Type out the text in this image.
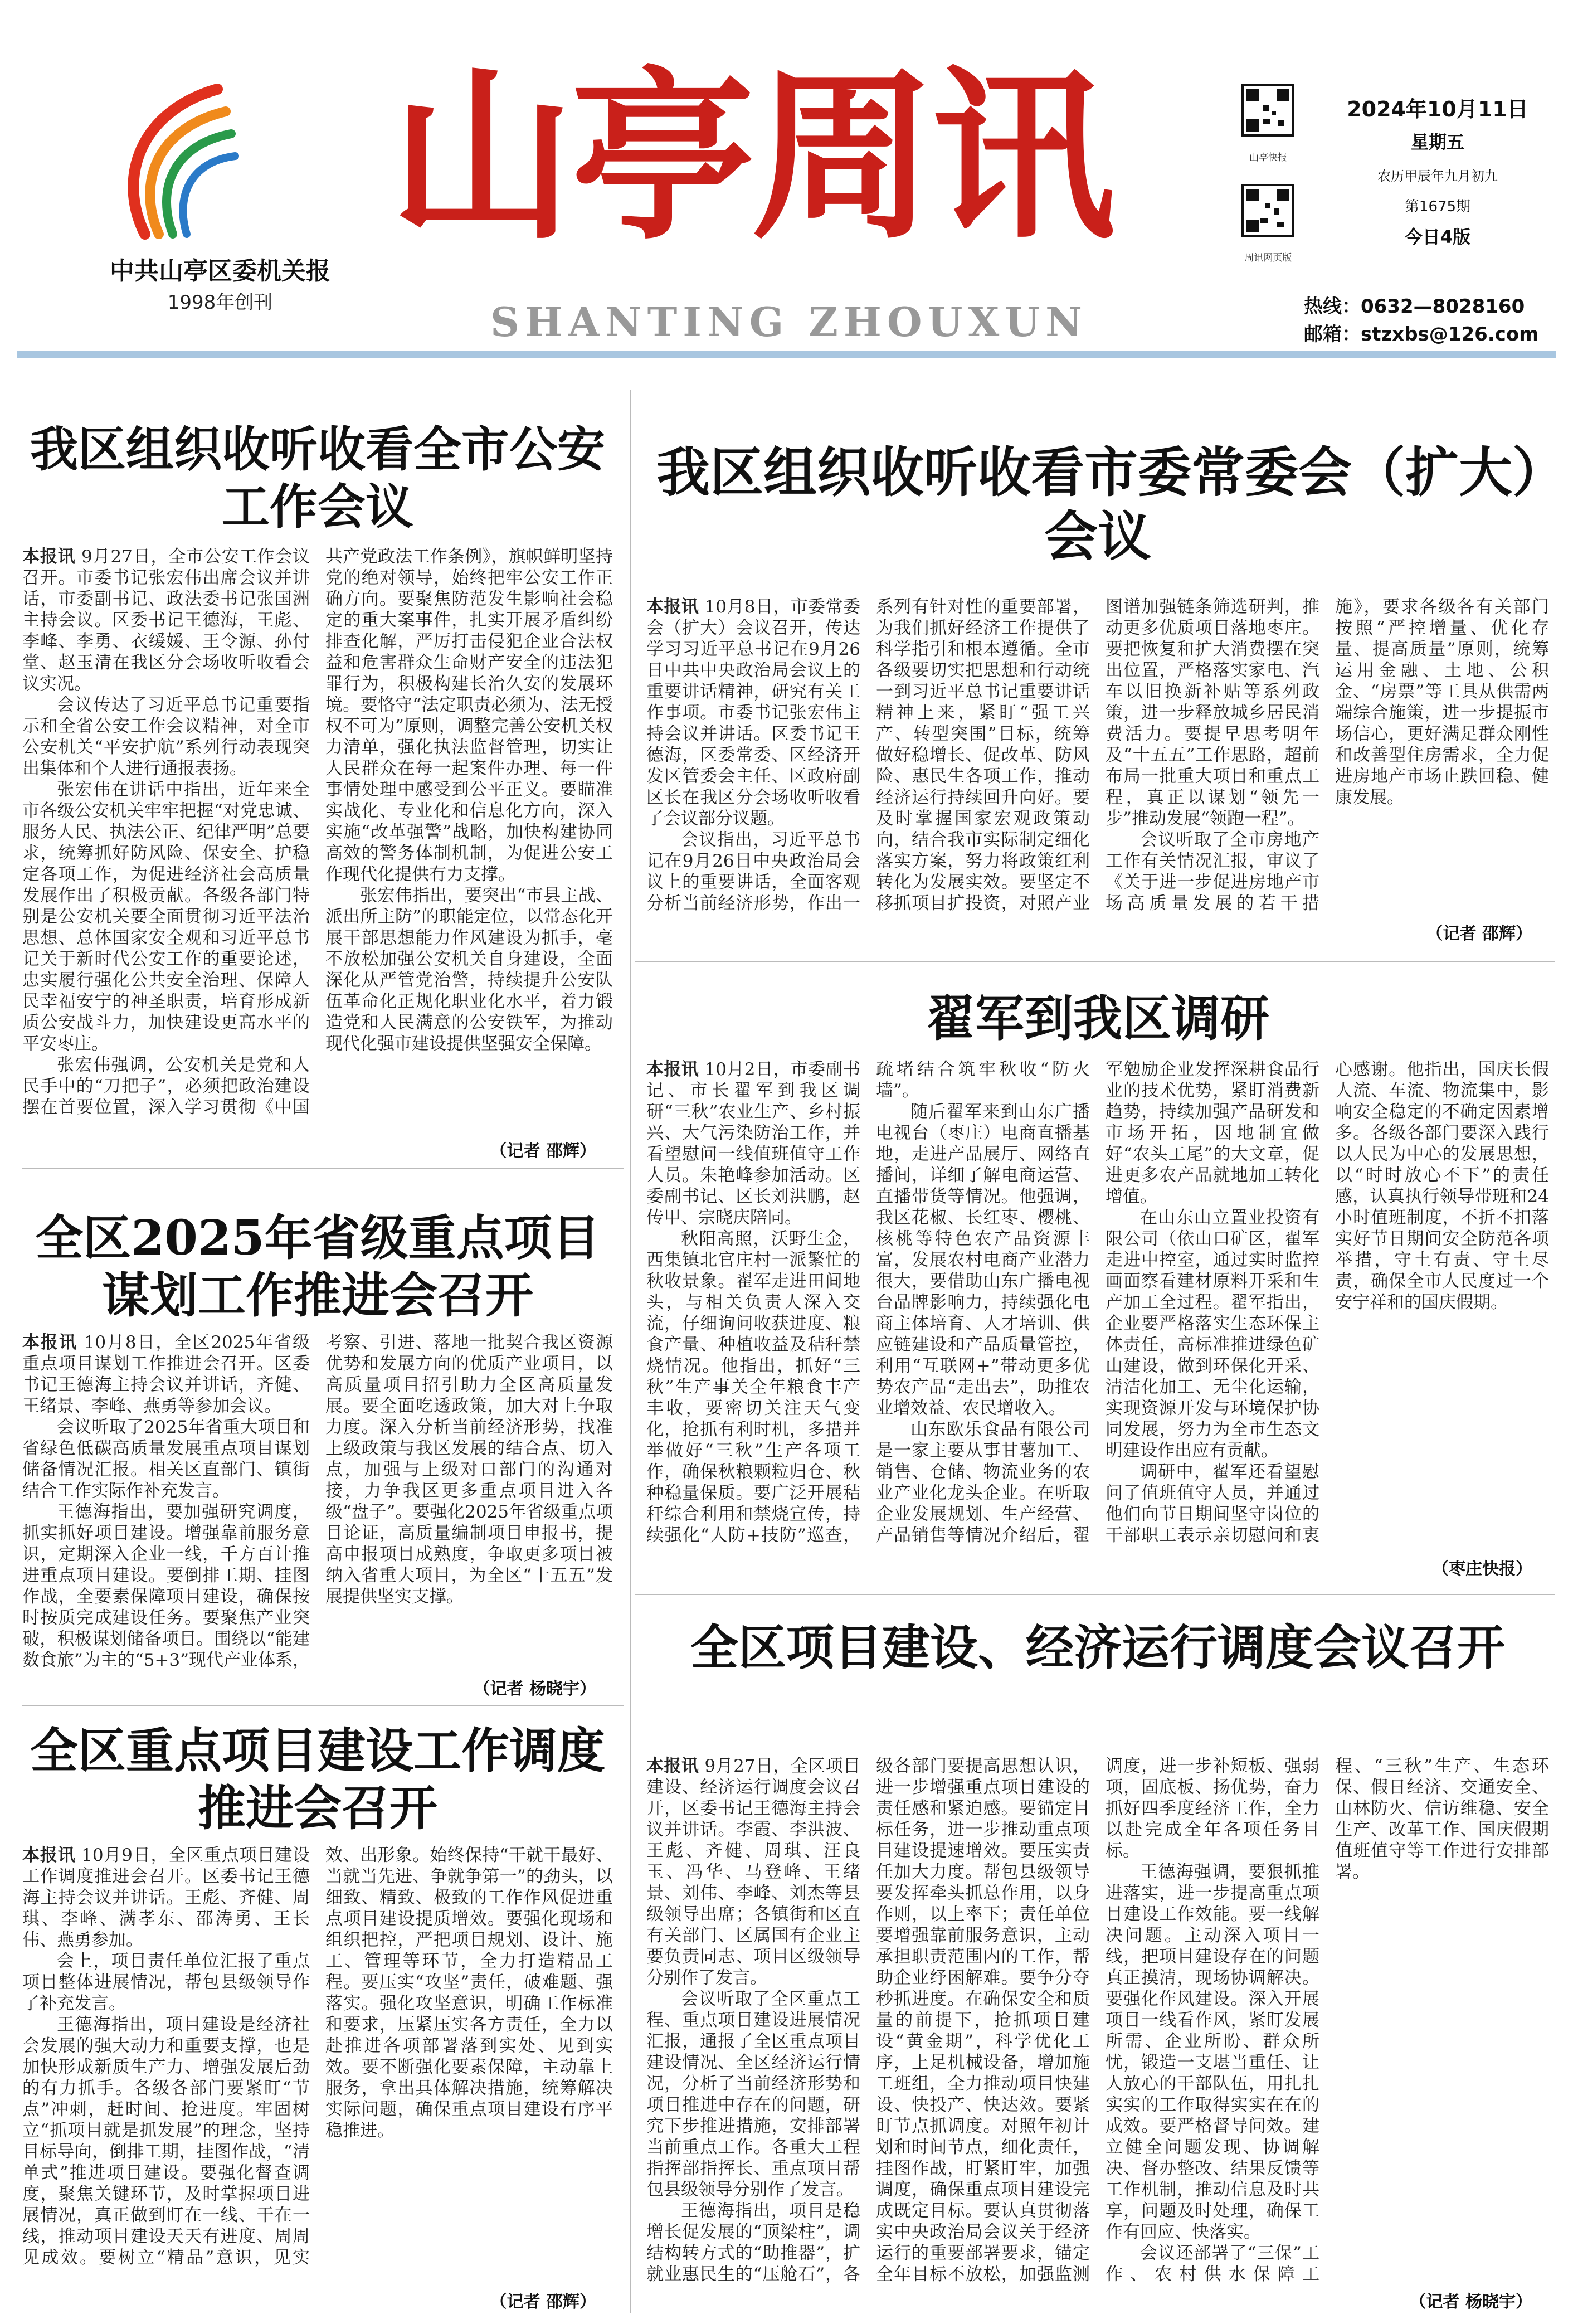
中共山亭区委机关报
1998年创刊
山亭周讯
SHANTING ZHOUXUN
山亭快报
周讯网页版
2024年10月11日
星期五
农历甲辰年九月初九
第1675期
今日4版
热线：0632—8028160
邮箱：stzxbs@126.com
我区组织收听收看全市公安工作会议

本报讯 9月27日，全市公安工作会议召开。市委书记张宏伟出席会议并讲话，市委副书记、政法委书记张国洲主持会议。区委书记王德海，王彪、李峰、李勇、衣缓媛、王令源、孙付堂、赵玉清在我区分会场收听收看会议实况。

会议传达了习近平总书记重要指示和全省公安工作会议精神，对全市公安机关“平安护航”系列行动表现突出集体和个人进行通报表扬。

张宏伟在讲话中指出，近年来全市各级公安机关牢牢把握“对党忠诚、服务人民、执法公正、纪律严明”总要求，统筹抓好防风险、保安全、护稳定各项工作，为促进经济社会高质量发展作出了积极贡献。各级各部门特别是公安机关要全面贯彻习近平法治思想、总体国家安全观和习近平总书记关于新时代公安工作的重要论述，忠实履行强化公共安全治理、保障人民幸福安宁的神圣职责，培育形成新质公安战斗力，加快建设更高水平的平安枣庄。

张宏伟强调，公安机关是党和人民手中的“刀把子”，必须把政治建设摆在首要位置，深入学习贯彻《中国共产党政法工作条例》，旗帜鲜明坚持党的绝对领导，始终把牢公安工作正确方向。要聚焦防范发生影响社会稳定的重大案事件，扎实开展矛盾纠纷排查化解，严厉打击侵犯企业合法权益和危害群众生命财产安全的违法犯罪行为，积极构建长治久安的发展环境。要恪守“法定职责必须为、法无授权不可为”原则，调整完善公安机关权力清单，强化执法监督管理，切实让人民群众在每一起案件办理、每一件事情处理中感受到公平正义。要瞄准实战化、专业化和信息化方向，深入实施“改革强警”战略，加快构建协同高效的警务体制机制，为促进公安工作现代化提供有力支撑。

张宏伟指出，要突出“市县主战、派出所主防”的职能定位，以常态化开展干部思想能力作风建设为抓手，毫不放松加强公安机关自身建设，全面深化从严管党治警，持续提升公安队伍革命化正规化职业化水平，着力锻造党和人民满意的公安铁军，为推动现代化强市建设提供坚强安全保障。

（记者 邵辉）
我区组织收听收看市委常委会（扩大）会议

本报讯 10月8日，市委常委会（扩大）会议召开，传达学习习近平总书记在9月26日中共中央政治局会议上的重要讲话精神，研究有关工作事项。市委书记张宏伟主持会议并讲话。区委书记王德海，区委常委、区经济开发区管委会主任、区政府副区长在我区分会场收听收看了会议部分议题。

会议指出，习近平总书记在9月26日中央政治局会议上的重要讲话，全面客观分析当前经济形势，作出一系列有针对性的重要部署，为我们抓好经济工作提供了科学指引和根本遵循。全市各级要切实把思想和行动统一到习近平总书记重要讲话精神上来，紧盯“强工兴产、转型突围”目标，统筹做好稳增长、促改革、防风险、惠民生各项工作，推动经济运行持续回升向好。要及时掌握国家宏观政策动向，结合我市实际制定细化落实方案，努力将政策红利转化为发展实效。要坚定不移抓项目扩投资，对照产业图谱加强链条筛选研判，推动更多优质项目落地枣庄。要把恢复和扩大消费摆在突出位置，严格落实家电、汽车以旧换新补贴等系列政策，进一步释放城乡居民消费活力。要提早思考明年及“十五五”工作思路，超前布局一批重大项目和重点工程，真正以谋划“领先一步”推动发展“领跑一程”。

会议听取了全市房地产工作有关情况汇报，审议了《关于进一步促进房地产市场高质量发展的若干措施》，要求各级各有关部门按照“严控增量、优化存量、提高质量”原则，统筹运用金融、土地、公积金、“房票”等工具从供需两端综合施策，进一步提振市场信心，更好满足群众刚性和改善型住房需求，全力促进房地产市场止跌回稳、健康发展。

（记者 邵辉）
翟军到我区调研

本报讯 10月2日，市委副书记、市长翟军到我区调研“三秋”农业生产、乡村振兴、大气污染防治工作，并看望慰问一线值班值守工作人员。朱艳峰参加活动。区委副书记、区长刘洪鹏，赵传甲、宗晓庆陪同。

秋阳高照，沃野生金，西集镇北官庄村一派繁忙的秋收景象。翟军走进田间地头，与相关负责人深入交流，仔细询问收获进度、粮食产量、种植收益及秸秆禁烧情况。他指出，抓好“三秋”生产事关全年粮食丰产丰收，要密切关注天气变化，抢抓有利时机，多措并举做好“三秋”生产各项工作，确保秋粮颗粒归仓、秋种稳量保质。要广泛开展秸秆综合利用和禁烧宣传，持续强化“人防+技防”巡查，疏堵结合筑牢秋收“防火墙”。

随后翟军来到山东广播电视台（枣庄）电商直播基地，走进产品展厅、网络直播间，详细了解电商运营、直播带货等情况。他强调，我区花椒、长红枣、樱桃、核桃等特色农产品资源丰富，发展农村电商产业潜力很大，要借助山东广播电视台品牌影响力，持续强化电商主体培育、人才培训、供应链建设和产品质量管控，利用“互联网+”带动更多优势农产品“走出去”，助推农业增效益、农民增收入。

山东欧乐食品有限公司是一家主要从事甘薯加工、销售、仓储、物流业务的农业产业化龙头企业。在听取企业发展规划、生产经营、产品销售等情况介绍后，翟军勉励企业发挥深耕食品行业的技术优势，紧盯消费新趋势，持续加强产品研发和市场开拓，因地制宜做好“农头工尾”的大文章，促进更多农产品就地加工转化增值。

在山东山立置业投资有限公司（依山口矿区，翟军走进中控室，通过实时监控画面察看建材原料开采和生产加工全过程。翟军指出，企业要严格落实生态环保主体责任，高标准推进绿色矿山建设，做到环保化开采、清洁化加工、无尘化运输，实现资源开发与环境保护协同发展，努力为全市生态文明建设作出应有贡献。

调研中，翟军还看望慰问了值班值守人员，并通过他们向节日期间坚守岗位的干部职工表示亲切慰问和衷心感谢。他指出，国庆长假人流、车流、物流集中，影响安全稳定的不确定因素增多。各级各部门要深入践行以人民为中心的发展思想，以“时时放心不下”的责任感，认真执行领导带班和24小时值班制度，不折不扣落实好节日期间安全防范各项举措，守土有责、守土尽责，确保全市人民度过一个安宁祥和的国庆假期。

（枣庄快报）
全区2025年省级重点项目谋划工作推进会召开

本报讯 10月8日，全区2025年省级重点项目谋划工作推进会召开。区委书记王德海主持会议并讲话，齐健、王绪景、李峰、燕勇等参加会议。

会议听取了2025年省重大项目和省绿色低碳高质量发展重点项目谋划储备情况汇报。相关区直部门、镇街结合工作实际作补充发言。

王德海指出，要加强研究调度，抓实抓好项目建设。增强靠前服务意识，定期深入企业一线，千方百计推进重点项目建设。要倒排工期、挂图作战，全要素保障项目建设，确保按时按质完成建设任务。要聚焦产业突破，积极谋划储备项目。围绕以“能建数食旅”为主的“5+3”现代产业体系，考察、引进、落地一批契合我区资源优势和发展方向的优质产业项目，以高质量项目招引助力全区高质量发展。要全面吃透政策，加大对上争取力度。深入分析当前经济形势，找准上级政策与我区发展的结合点、切入点，加强与上级对口部门的沟通对接，力争我区更多重点项目进入各级“盘子”。要强化2025年省级重点项目论证，高质量编制项目申报书，提高申报项目成熟度，争取更多项目被纳入省重大项目，为全区“十五五”发展提供坚实支撑。

（记者 杨晓宇）
全区重点项目建设工作调度推进会召开

本报讯 10月9日，全区重点项目建设工作调度推进会召开。区委书记王德海主持会议并讲话。王彪、齐健、周琪、李峰、满孝东、邵涛勇、王长伟、燕勇参加。

会上，项目责任单位汇报了重点项目整体进展情况，帮包县级领导作了补充发言。

王德海指出，项目建设是经济社会发展的强大动力和重要支撑，也是加快形成新质生产力、增强发展后劲的有力抓手。各级各部门要紧盯“节点”冲刺，赶时间、抢进度。牢固树立“抓项目就是抓发展”的理念，坚持目标导向，倒排工期，挂图作战，“清单式”推进项目建设。要强化督查调度，聚焦关键环节，及时掌握项目进展情况，真正做到盯在一线、干在一线，推动项目建设天天有进度、周周见成效。要树立“精品”意识，见实效、出形象。始终保持“干就干最好、当就当先进、争就争第一”的劲头，以细致、精致、极致的工作作风促进重点项目建设提质增效。要强化现场和组织把控，严把项目规划、设计、施工、管理等环节，全力打造精品工程。要压实“攻坚”责任，破难题、强落实。强化攻坚意识，明确工作标准和要求，压紧压实各方责任，全力以赴推进各项部署落到实处、见到实效。要不断强化要素保障，主动靠上服务，拿出具体解决措施，统筹解决实际问题，确保重点项目建设有序平稳推进。

（记者 邵辉）
全区项目建设、经济运行调度会议召开

本报讯 9月27日，全区项目建设、经济运行调度会议召开，区委书记王德海主持会议并讲话。李霞、李洪波、王彪、齐健、周琪、汪良玉、冯华、马登峰、王绪景、刘伟、李峰、刘杰等县级领导出席；各镇街和区直有关部门、区属国有企业主要负责同志、项目区级领导分别作了发言。

会议听取了全区重点工程、重点项目建设进展情况汇报，通报了全区重点项目建设情况、全区经济运行情况，分析了当前经济形势和项目推进中存在的问题，研究下步推进措施，安排部署当前重点工作。各重大工程指挥部指挥长、重点项目帮包县级领导分别作了发言。

王德海指出，项目是稳增长促发展的“顶梁柱”，调结构转方式的“助推器”，扩就业惠民生的“压舱石”，各级各部门要提高思想认识，进一步增强重点项目建设的责任感和紧迫感。要锚定目标任务，进一步推动重点项目建设提速增效。要压实责任加大力度。帮包县级领导要发挥牵头抓总作用，以身作则，以上率下；责任单位要增强靠前服务意识，主动承担职责范围内的工作，帮助企业纾困解难。要争分夺秒抓进度。在确保安全和质量的前提下，抢抓项目建设“黄金期”，科学优化工序，上足机械设备，增加施工班组，全力推动项目快建设、快投产、快达效。要紧盯节点抓调度。对照年初计划和时间节点，细化责任，挂图作战，盯紧盯牢，加强调度，确保重点项目建设完成既定目标。要认真贯彻落实中央政治局会议关于经济运行的重要部署要求，锚定全年目标不放松，加强监测调度，进一步补短板、强弱项，固底板、扬优势，奋力抓好四季度经济工作，全力以赴完成全年各项任务目标。

王德海强调，要狠抓推进落实，进一步提高重点项目建设工作效能。要一线解决问题。主动深入项目一线，把项目建设存在的问题真正摸清，现场协调解决。要强化作风建设。深入开展项目一线看作风，紧盯发展所需、企业所盼、群众所忧，锻造一支堪当重任、让人放心的干部队伍，用扎扎实实的工作取得实实在在的成效。要严格督导问效。建立健全问题发现、协调解决、督办整改、结果反馈等工作机制，推动信息及时共享，问题及时处理，确保工作有回应、快落实。

会议还部署了“三保”工作、农村供水保障工程、“三秋”生产、生态环保、假日经济、交通安全、山林防火、信访维稳、安全生产、改革工作、国庆假期值班值守等工作进行安排部署。

（记者 杨晓宇）
